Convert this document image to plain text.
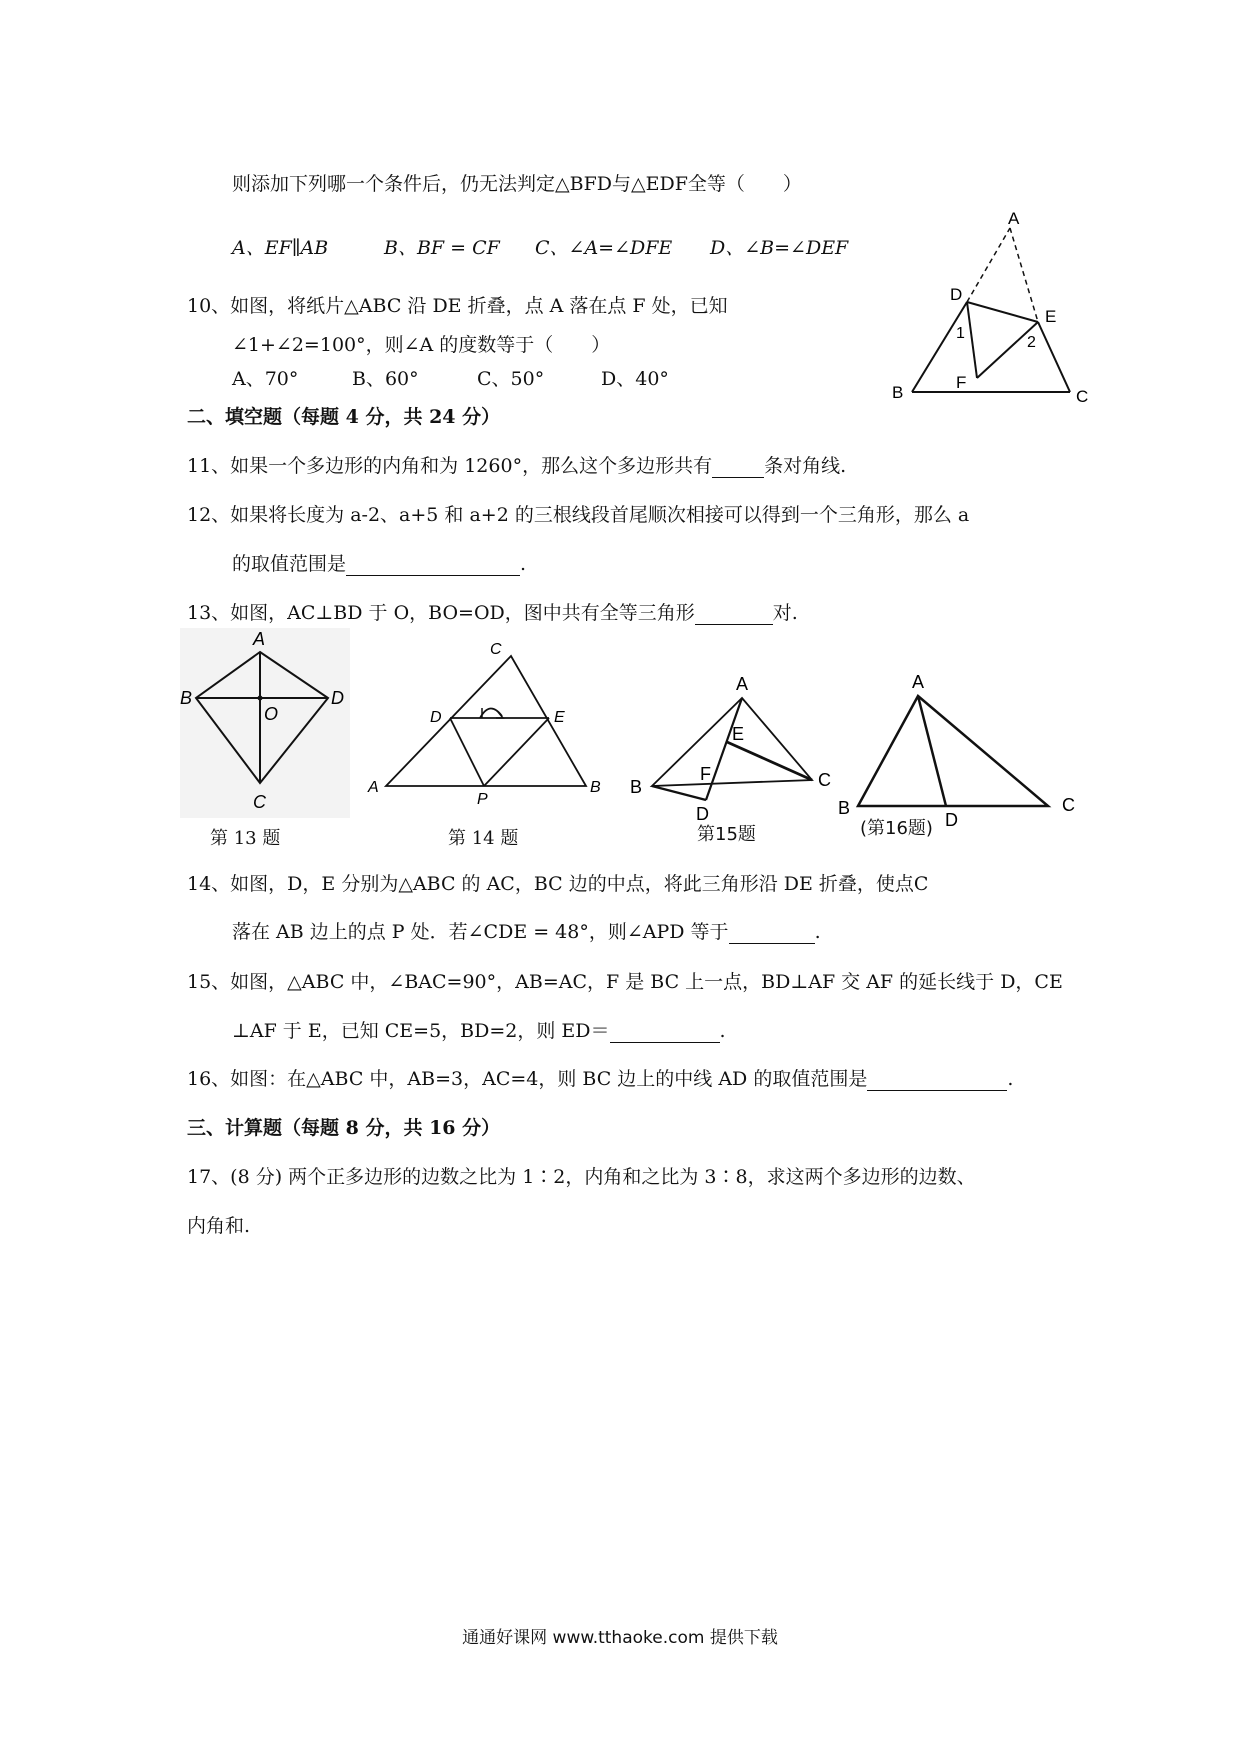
则添加下列哪一个条件后，仍无法判定△BFD与△EDF全等（　　）
A、EF∥AB	B、BF = CF C、∠A=∠DFE D、∠B=∠DEF
10、如图，将纸片△ABC 沿 DE 折叠，点 A 落在点 F 处，已知
∠1+∠2=100°，则∠A 的度数等于（　　）
A、70°	B、60°	C、50°	D、40°
A
B	C
D
E
F
1
2
二、填空题（每题 4 分，共 24 分）
11、如果一个多边形的内角和为 1260°，那么这个多边形共有	条对角线.
12、如果将长度为 a-2、a+5 和 a+2 的三根线段首尾顺次相接可以得到一个三角形，那么 a
的取值范围是	.
13、如图，AC⊥BD 于 O，BO=OD，图中共有全等三角形	对.
A
B
C
D
O
C
D	E
A	B
P
A
B	C
D
E
F
A
B	C
D
第 13 题	第 14 题	第15题	(第16题)
14、如图，D，E 分别为△ABC 的 AC，BC 边的中点，将此三角形沿 DE 折叠，使点C
落在 AB 边上的点 P 处．若∠CDE = 48°，则∠APD 等于	.
15、如图，△ABC 中，∠BAC=90°，AB=AC，F 是 BC 上一点，BD⊥AF 交 AF 的延长线于 D，CE
⊥AF 于 E，已知 CE=5，BD=2，则 ED＝	.
16、如图：在△ABC 中，AB=3，AC=4，则 BC 边上的中线 AD 的取值范围是	.
三、计算题（每题 8 分，共 16 分）
17、(8 分) 两个正多边形的边数之比为 1∶2，内角和之比为 3∶8，求这两个多边形的边数、
内角和.
通通好课网 www.tthaoke.com 提供下载
